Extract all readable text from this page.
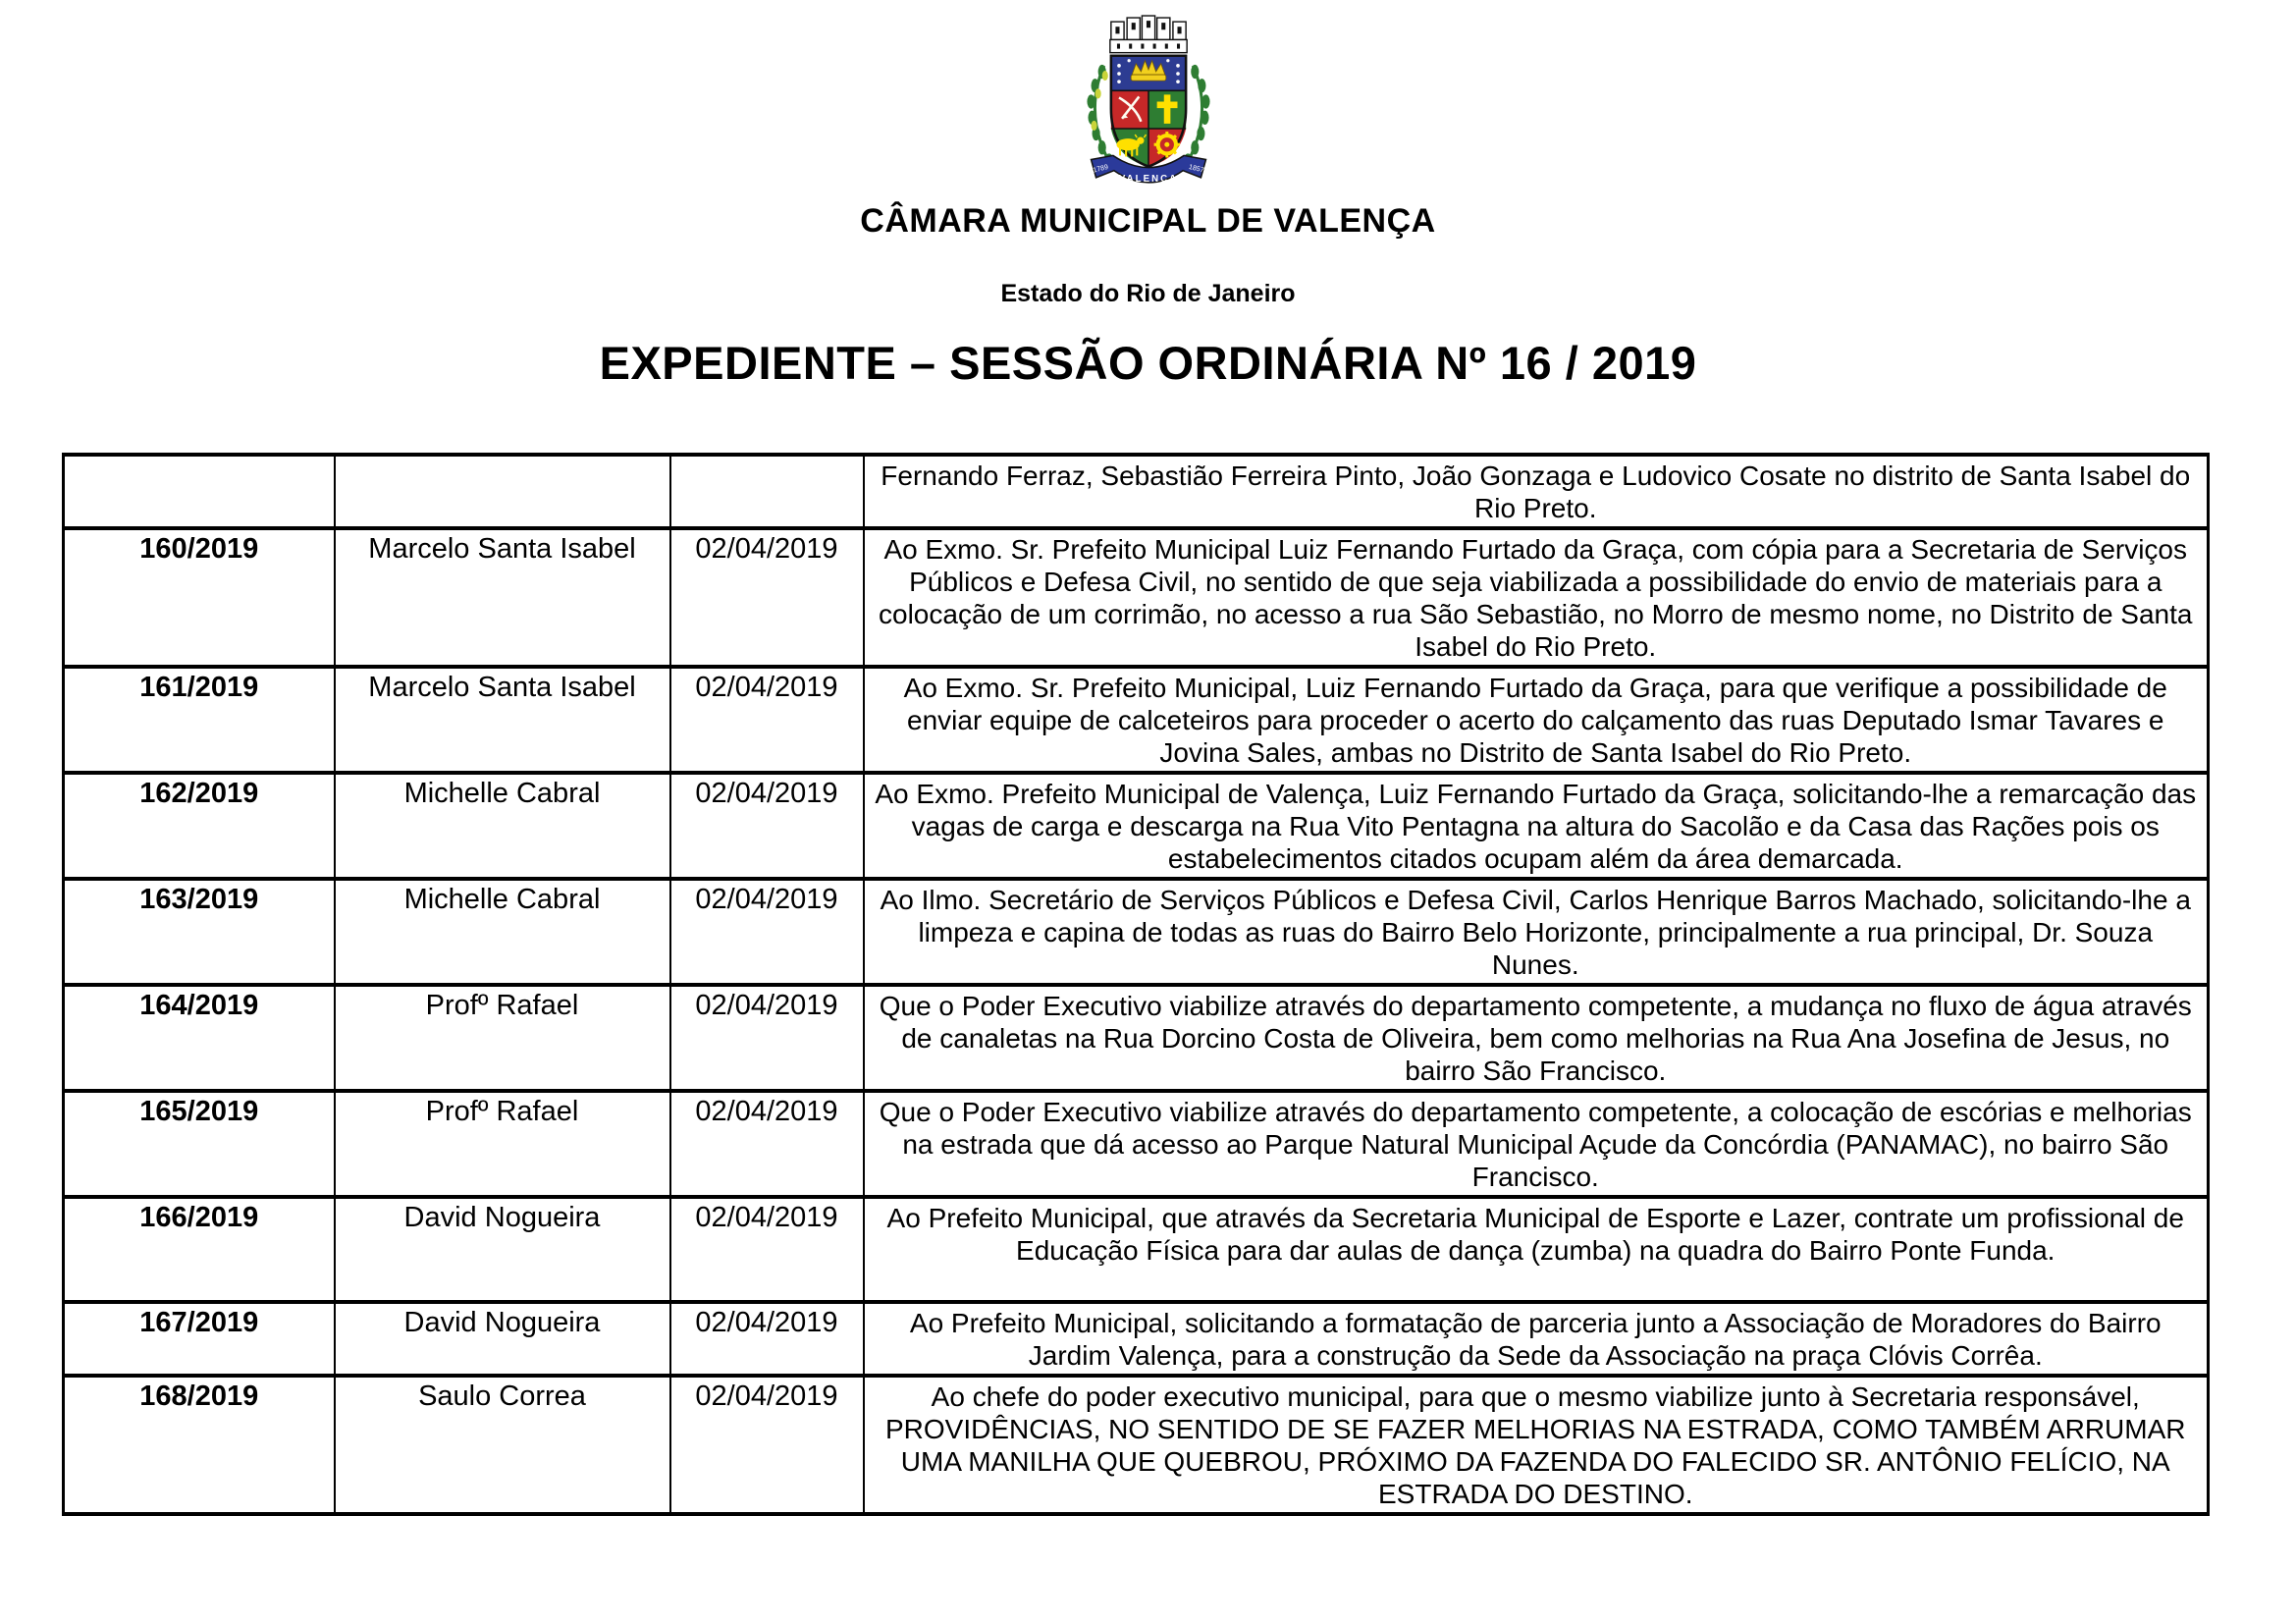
1789
VALENÇA
1857
CÂMARA MUNICIPAL DE VALENÇA
Estado do Rio de Janeiro
EXPEDIENTE – SESSÃO ORDINÁRIA Nº 16 / 2019
			Fernando Ferraz, Sebastião Ferreira Pinto, João Gonzaga e Ludovico Cosate no distrito de Santa Isabel do Rio Preto.
160/2019	Marcelo Santa Isabel	02/04/2019	Ao Exmo. Sr. Prefeito Municipal Luiz Fernando Furtado da Graça, com cópia para a Secretaria de Serviços Públicos e Defesa Civil, no sentido de que seja viabilizada a possibilidade do envio de materiais para a colocação de um corrimão, no acesso a rua São Sebastião, no Morro de mesmo nome, no Distrito de Santa Isabel do Rio Preto.
161/2019	Marcelo Santa Isabel	02/04/2019	Ao Exmo. Sr. Prefeito Municipal, Luiz Fernando Furtado da Graça, para que verifique a possibilidade de enviar equipe de calceteiros para proceder o acerto do calçamento das ruas Deputado Ismar Tavares e Jovina Sales, ambas no Distrito de Santa Isabel do Rio Preto.
162/2019	Michelle Cabral	02/04/2019	Ao Exmo. Prefeito Municipal de Valença, Luiz Fernando Furtado da Graça, solicitando-lhe a remarcação das vagas de carga e descarga na Rua Vito Pentagna na altura do Sacolão e da Casa das Rações pois os estabelecimentos citados ocupam além da área demarcada.
163/2019	Michelle Cabral	02/04/2019	Ao Ilmo. Secretário de Serviços Públicos e Defesa Civil, Carlos Henrique Barros Machado, solicitando-lhe a limpeza e capina de todas as ruas do Bairro Belo Horizonte, principalmente a rua principal, Dr. Souza Nunes.
164/2019	Profº Rafael	02/04/2019	Que o Poder Executivo viabilize através do departamento competente, a mudança no fluxo de água através de canaletas na Rua Dorcino Costa de Oliveira, bem como melhorias na Rua Ana Josefina de Jesus, no bairro São Francisco.
165/2019	Profº Rafael	02/04/2019	Que o Poder Executivo viabilize através do departamento competente, a colocação de escórias e melhorias na estrada que dá acesso ao Parque Natural Municipal Açude da Concórdia (PANAMAC), no bairro São Francisco.
166/2019	David Nogueira	02/04/2019	Ao Prefeito Municipal, que através da Secretaria Municipal de Esporte e Lazer, contrate um profissional de Educação Física para dar aulas de dança (zumba) na quadra do Bairro Ponte Funda.
167/2019	David Nogueira	02/04/2019	Ao Prefeito Municipal, solicitando a formatação de parceria junto a Associação de Moradores do Bairro Jardim Valença, para a construção da Sede da Associação na praça Clóvis Corrêa.
168/2019	Saulo Correa	02/04/2019	Ao chefe do poder executivo municipal, para que o mesmo viabilize junto à Secretaria responsável, PROVIDÊNCIAS, NO SENTIDO DE SE FAZER MELHORIAS NA ESTRADA, COMO TAMBÉM ARRUMAR UMA MANILHA QUE QUEBROU, PRÓXIMO DA FAZENDA DO FALECIDO SR. ANTÔNIO FELÍCIO, NA ESTRADA DO DESTINO.
